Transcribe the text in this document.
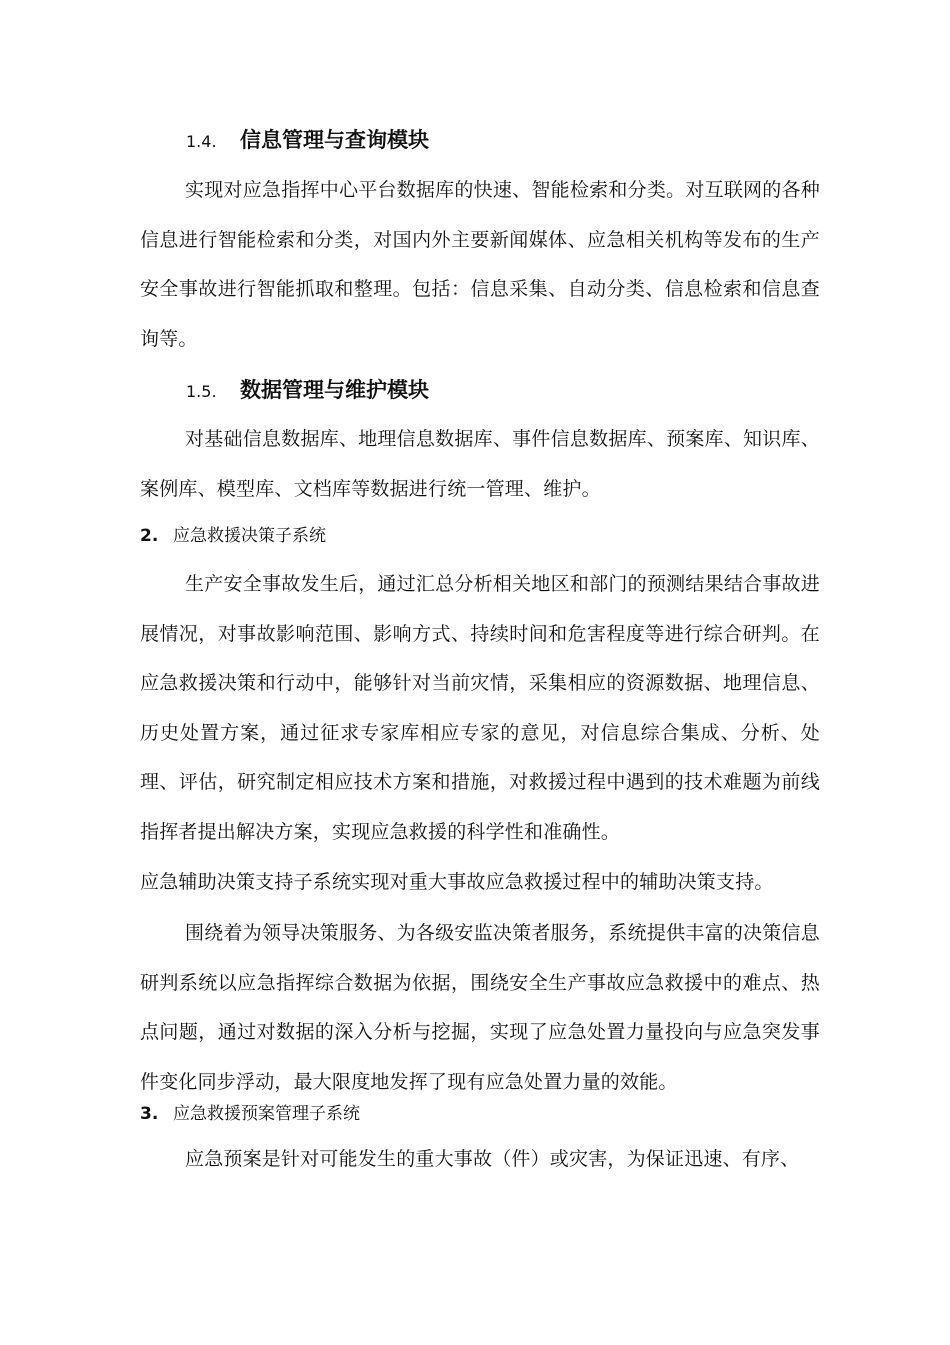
1.4. 信息管理与查询模块

实现对应急指挥中心平台数据库的快速、智能检索和分类。对互联网的各种信息进行智能检索和分类，对国内外主要新闻媒体、应急相关机构等发布的生产安全事故进行智能抓取和整理。包括：信息采集、自动分类、信息检索和信息查询等。

1.5. 数据管理与维护模块

对基础信息数据库、地理信息数据库、事件信息数据库、预案库、知识库、案例库、模型库、文档库等数据进行统一管理、维护。

2. 应急救援决策子系统

生产安全事故发生后，通过汇总分析相关地区和部门的预测结果结合事故进展情况，对事故影响范围、影响方式、持续时间和危害程度等进行综合研判。在应急救援决策和行动中，能够针对当前灾情，采集相应的资源数据、地理信息、历史处置方案，通过征求专家库相应专家的意见，对信息综合集成、分析、处理、评估，研究制定相应技术方案和措施，对救援过程中遇到的技术难题为前线指挥者提出解决方案，实现应急救援的科学性和准确性。

应急辅助决策支持子系统实现对重大事故应急救援过程中的辅助决策支持。

围绕着为领导决策服务、为各级安监决策者服务，系统提供丰富的决策信息研判系统以应急指挥综合数据为依据，围绕安全生产事故应急救援中的难点、热点问题，通过对数据的深入分析与挖掘，实现了应急处置力量投向与应急突发事件变化同步浮动，最大限度地发挥了现有应急处置力量的效能。

3. 应急救援预案管理子系统

应急预案是针对可能发生的重大事故（件）或灾害，为保证迅速、有序、
